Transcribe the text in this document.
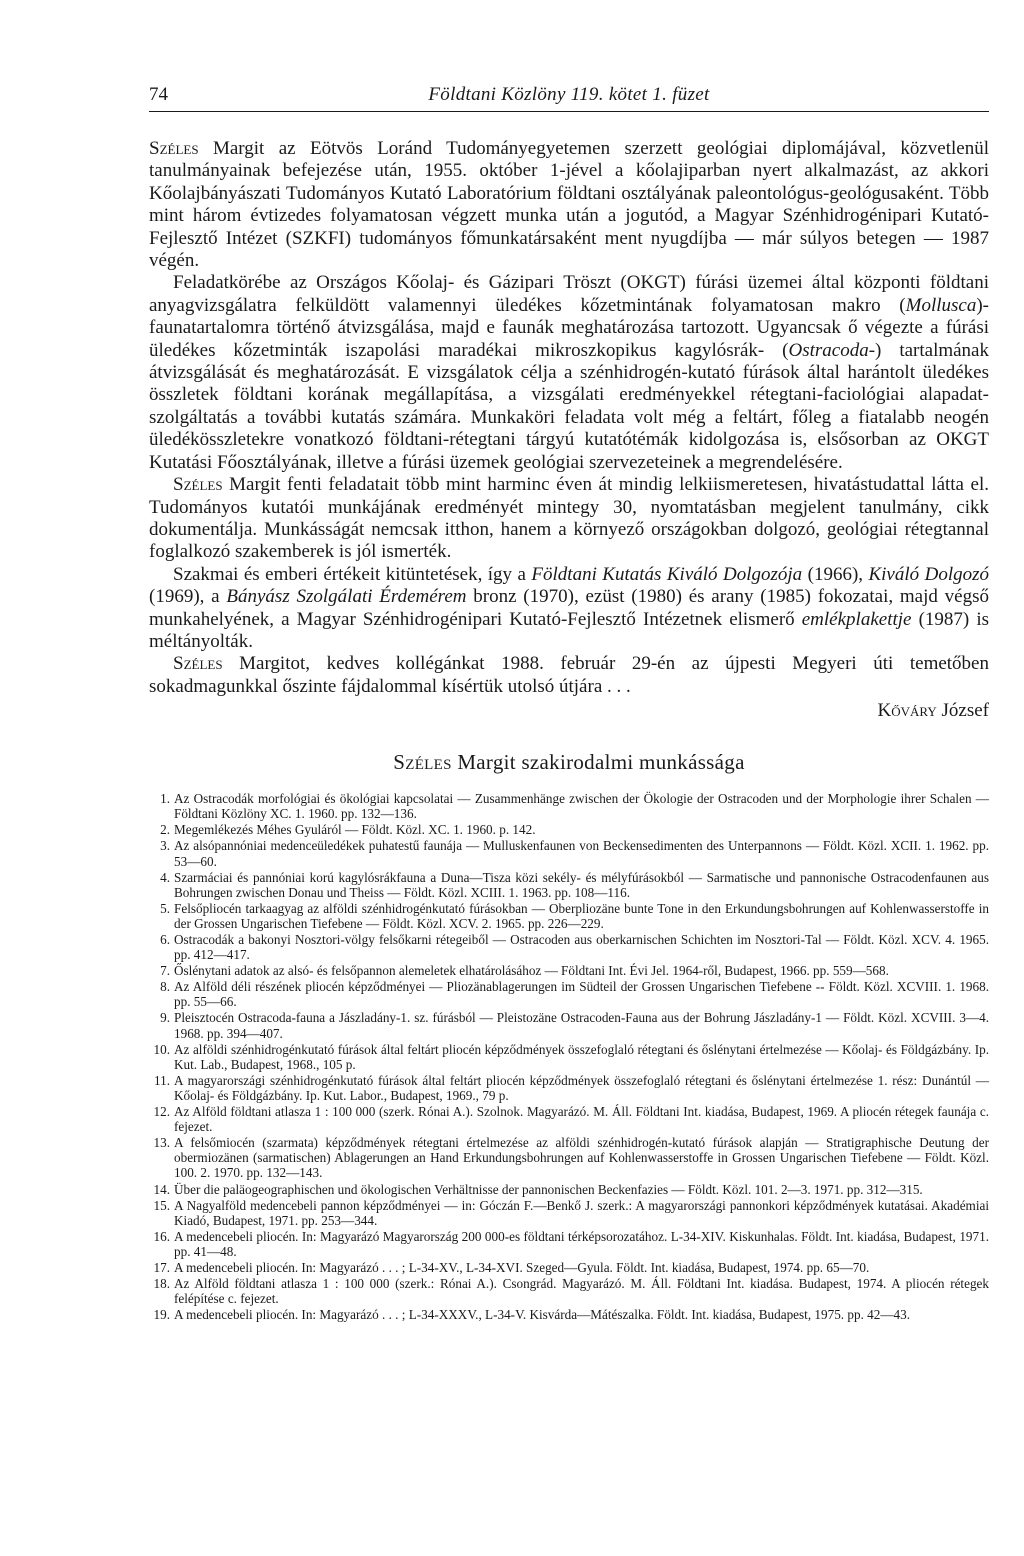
74	Földtani Közlöny 119. kötet 1. füzet

Széles Margit az Eötvös Loránd Tudományegyetemen szerzett geológiai diplomájával, közvetlenül tanulmányainak befejezése után, 1955. október 1-jével a kőolajiparban nyert alkalmazást, az akkori Kőolajbányászati Tudományos Kutató Laboratórium földtani osztályának paleontológus-geológusaként. Több mint három évtizedes folyamatosan végzett munka után a jogutód, a Magyar Szénhidrogénipari Kutató-Fejlesztő Intézet (SZKFI) tudományos főmunkatársaként ment nyugdíjba — már súlyos betegen — 1987 végén.

Feladatkörébe az Országos Kőolaj- és Gázipari Tröszt (OKGT) fúrási üzemei által központi földtani anyagvizsgálatra felküldött valamennyi üledékes kőzetmintának folyamatosan makro (Mollusca)-faunatartalomra történő átvizsgálása, majd e faunák meghatározása tartozott. Ugyancsak ő végezte a fúrási üledékes kőzetminták iszapolási maradékai mikroszkopikus kagylósrák- (Ostracoda-) tartalmának átvizsgálását és meghatározását. E vizsgálatok célja a szénhidrogén-kutató fúrások által harántolt üledékes összletek földtani korának megállapítása, a vizsgálati eredményekkel rétegtani-faciológiai alapadat-szolgáltatás a további kutatás számára. Munkaköri feladata volt még a feltárt, főleg a fiatalabb neogén üledékösszletekre vonatkozó földtani-rétegtani tárgyú kutatótémák kidolgozása is, elsősorban az OKGT Kutatási Főosztályának, illetve a fúrási üzemek geológiai szervezeteinek a megrendelésére.

Széles Margit fenti feladatait több mint harminc éven át mindig lelkiismeretesen, hivatástudattal látta el. Tudományos kutatói munkájának eredményét mintegy 30, nyomtatásban megjelent tanulmány, cikk dokumentálja. Munkásságát nemcsak itthon, hanem a környező országokban dolgozó, geológiai rétegtannal foglalkozó szakemberek is jól ismerték.

Szakmai és emberi értékeit kitüntetések, így a Földtani Kutatás Kiváló Dolgozója (1966), Kiváló Dolgozó (1969), a Bányász Szolgálati Érdemérem bronz (1970), ezüst (1980) és arany (1985) fokozatai, majd végső munkahelyének, a Magyar Szénhidrogénipari Kutató-Fejlesztő Intézetnek elismerő emlékplakettje (1987) is méltányolták.

Széles Margitot, kedves kollégánkat 1988. február 29-én az újpesti Megyeri úti temetőben sokadmagunkkal őszinte fájdalommal kísértük utolsó útjára . . .

Kőváry József
Széles Margit szakirodalmi munkássága
1. Az Ostracodák morfológiai és ökológiai kapcsolatai — Zusammenhänge zwischen der Ökologie der Ostracoden und der Morphologie ihrer Schalen — Földtani Közlöny XC. 1. 1960. pp. 132—136.
2. Megemlékezés Méhes Gyuláról — Földt. Közl. XC. 1. 1960. p. 142.
3. Az alsópannóniai medenceüledékek puhatestű faunája — Mulluskenfaunen von Beckensedimenten des Unterpannons — Földt. Közl. XCII. 1. 1962. pp. 53—60.
4. Szarmáciai és pannóniai korú kagylósrákfauna a Duna—Tisza közi sekély- és mélyfúrásokból — Sarmatische und pannonische Ostracodenfaunen aus Bohrungen zwischen Donau und Theiss — Földt. Közl. XCIII. 1. 1963. pp. 108—116.
5. Felsőpliocén tarkaagyag az alföldi szénhidrogénkutató fúrásokban — Oberpliozäne bunte Tone in den Erkundungsbohrungen auf Kohlenwasserstoffe in der Grossen Ungarischen Tiefebene — Földt. Közl. XCV. 2. 1965. pp. 226—229.
6. Ostracodák a bakonyi Nosztori-völgy felsőkarni rétegeiből — Ostracoden aus oberkarnischen Schichten im Nosztori-Tal — Földt. Közl. XCV. 4. 1965. pp. 412—417.
7. Őslénytani adatok az alsó- és felsőpannon alemeletek elhatárolásához — Földtani Int. Évi Jel. 1964-ről, Budapest, 1966. pp. 559—568.
8. Az Alföld déli részének pliocén képződményei — Pliozänablagerungen im Südteil der Grossen Ungarischen Tiefebene -- Földt. Közl. XCVIII. 1. 1968. pp. 55—66.
9. Pleisztocén Ostracoda-fauna a Jászladány-1. sz. fúrásból — Pleistozäne Ostracoden-Fauna aus der Bohrung Jászladány-1 — Földt. Közl. XCVIII. 3—4. 1968. pp. 394—407.
10. Az alföldi szénhidrogénkutató fúrások által feltárt pliocén képződmények összefoglaló rétegtani és őslénytani értelmezése — Kőolaj- és Földgázbány. Ip. Kut. Lab., Budapest, 1968., 105 p.
11. A magyarországi szénhidrogénkutató fúrások által feltárt pliocén képződmények összefoglaló rétegtani és őslénytani értelmezése 1. rész: Dunántúl — Kőolaj- és Földgázbány. Ip. Kut. Labor., Budapest, 1969., 79 p.
12. Az Alföld földtani atlasza 1 : 100 000 (szerk. Rónai A.). Szolnok. Magyarázó. M. Áll. Földtani Int. kiadása, Budapest, 1969. A pliocén rétegek faunája c. fejezet.
13. A felsőmiocén (szarmata) képződmények rétegtani értelmezése az alföldi szénhidrogén-kutató fúrások alapján — Stratigraphische Deutung der obermiozänen (sarmatischen) Ablagerungen an Hand Erkundungsbohrungen auf Kohlenwasserstoffe in Grossen Ungarischen Tiefebene — Földt. Közl. 100. 2. 1970. pp. 132—143.
14. Über die paläogeographischen und ökologischen Verhältnisse der pannonischen Beckenfazies — Földt. Közl. 101. 2—3. 1971. pp. 312—315.
15. A Nagyalföld medencebeli pannon képződményei — in: Góczán F.—Benkő J. szerk.: A magyarországi pannonkori képződmények kutatásai. Akadémiai Kiadó, Budapest, 1971. pp. 253—344.
16. A medencebeli pliocén. In: Magyarázó Magyarország 200 000-es földtani térképsorozatához. L-34-XIV. Kiskunhalas. Földt. Int. kiadása, Budapest, 1971. pp. 41—48.
17. A medencebeli pliocén. In: Magyarázó . . . ; L-34-XV., L-34-XVI. Szeged—Gyula. Földt. Int. kiadása, Budapest, 1974. pp. 65—70.
18. Az Alföld földtani atlasza 1 : 100 000 (szerk.: Rónai A.). Csongrád. Magyarázó. M. Áll. Földtani Int. kiadása. Budapest, 1974. A pliocén rétegek felépítése c. fejezet.
19. A medencebeli pliocén. In: Magyarázó . . . ; L-34-XXXV., L-34-V. Kisvárda—Mátészalka. Földt. Int. kiadása, Budapest, 1975. pp. 42—43.
